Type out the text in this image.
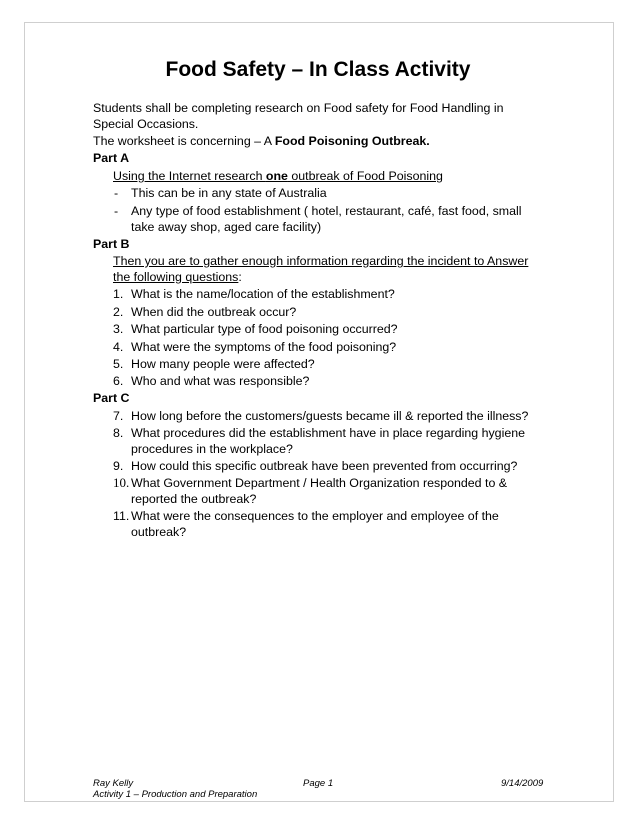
Food Safety – In Class Activity
Students shall be completing research on Food safety for Food Handling in
Special Occasions.
The worksheet is concerning – A Food Poisoning Outbreak.
Part A
Using the Internet research one outbreak of Food Poisoning
-	This can be in any state of Australia
-	Any type of food establishment ( hotel, restaurant, café, fast food, small
take away shop, aged care facility)
Part B
Then you are to gather enough information regarding the incident to Answer
the following questions:
1. What is the name/location of the establishment?
2. When did the outbreak occur?
3. What particular type of food poisoning occurred?
4. What were the symptoms of the food poisoning?
5. How many people were affected?
6. Who and what was responsible?
Part C
7. How long before the customers/guests became ill & reported the illness?
8. What procedures did the establishment have in place regarding hygiene
procedures in the workplace?
9. How could this specific outbreak have been prevented from occurring?
10. What Government Department / Health Organization responded to &
reported the outbreak?
11. What were the consequences to the employer and employee of the
outbreak?
Ray Kelly	Page 1	9/14/2009
Activity 1 – Production and Preparation
